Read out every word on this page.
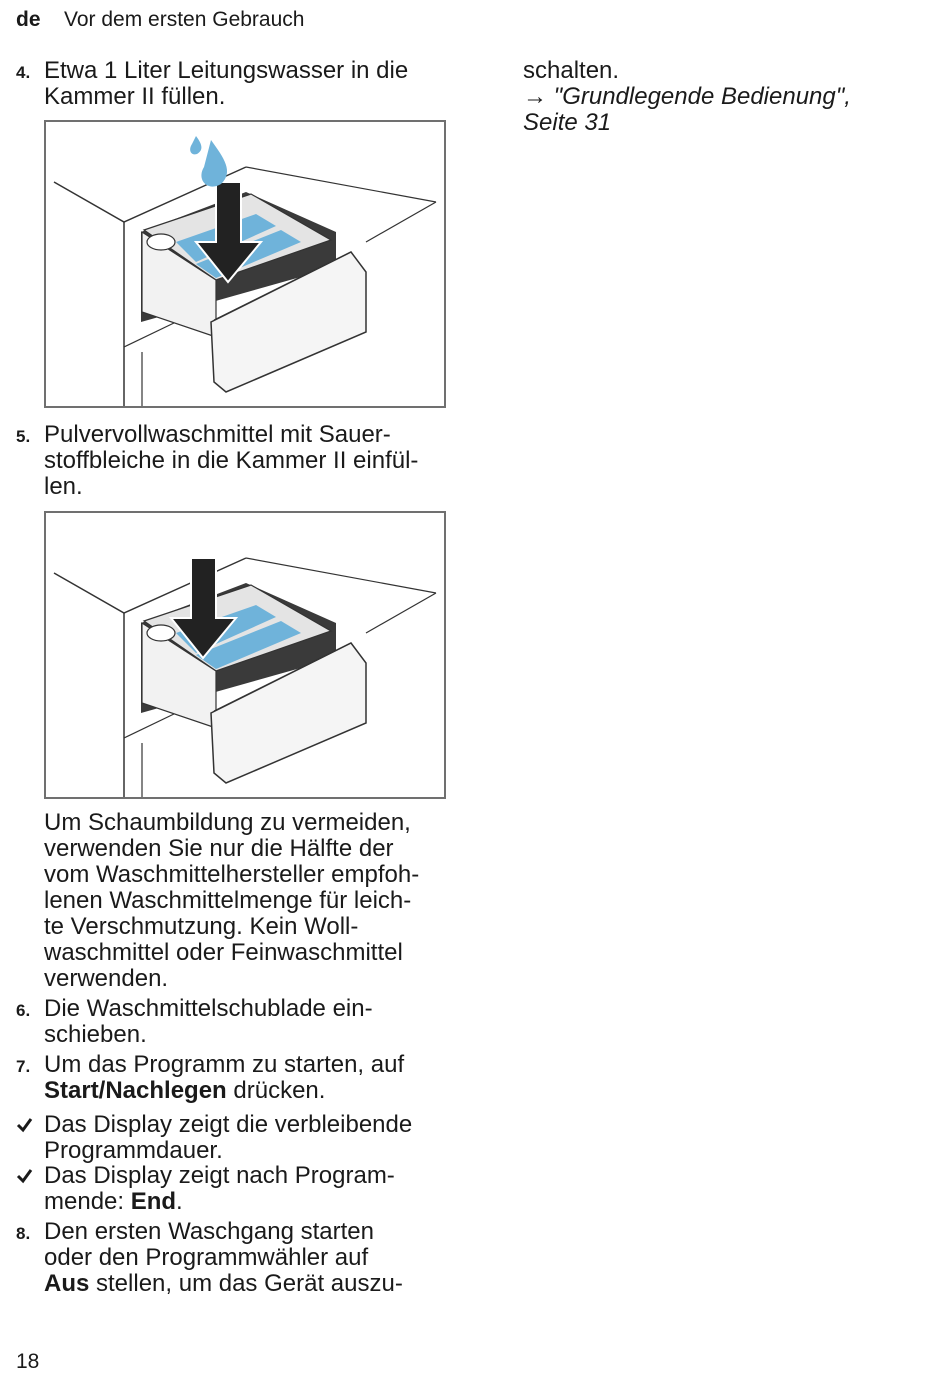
de Vor dem ersten Gebrauch
4. Etwa 1 Liter Leitungswasser in die
Kammer II füllen.
5. Pulvervollwaschmittel mit Sauer-
stoffbleiche in die Kammer II einfül-
len.
Um Schaumbildung zu vermeiden,
verwenden Sie nur die Hälfte der
vom Waschmittelhersteller empfoh-
lenen Waschmittelmenge für leich-
te Verschmutzung. Kein Woll-
waschmittel oder Feinwaschmittel
verwenden.
6. Die Waschmittelschublade ein-
schieben.
7. Um das Programm zu starten, auf
Start/Nachlegen drücken.
Das Display zeigt die verbleibende
Programmdauer.
Das Display zeigt nach Program-
mende: End.
8. Den ersten Waschgang starten
oder den Programmwähler auf
Aus stellen, um das Gerät auszu-
schalten.
→ "Grundlegende Bedienung",
Seite 31
18
